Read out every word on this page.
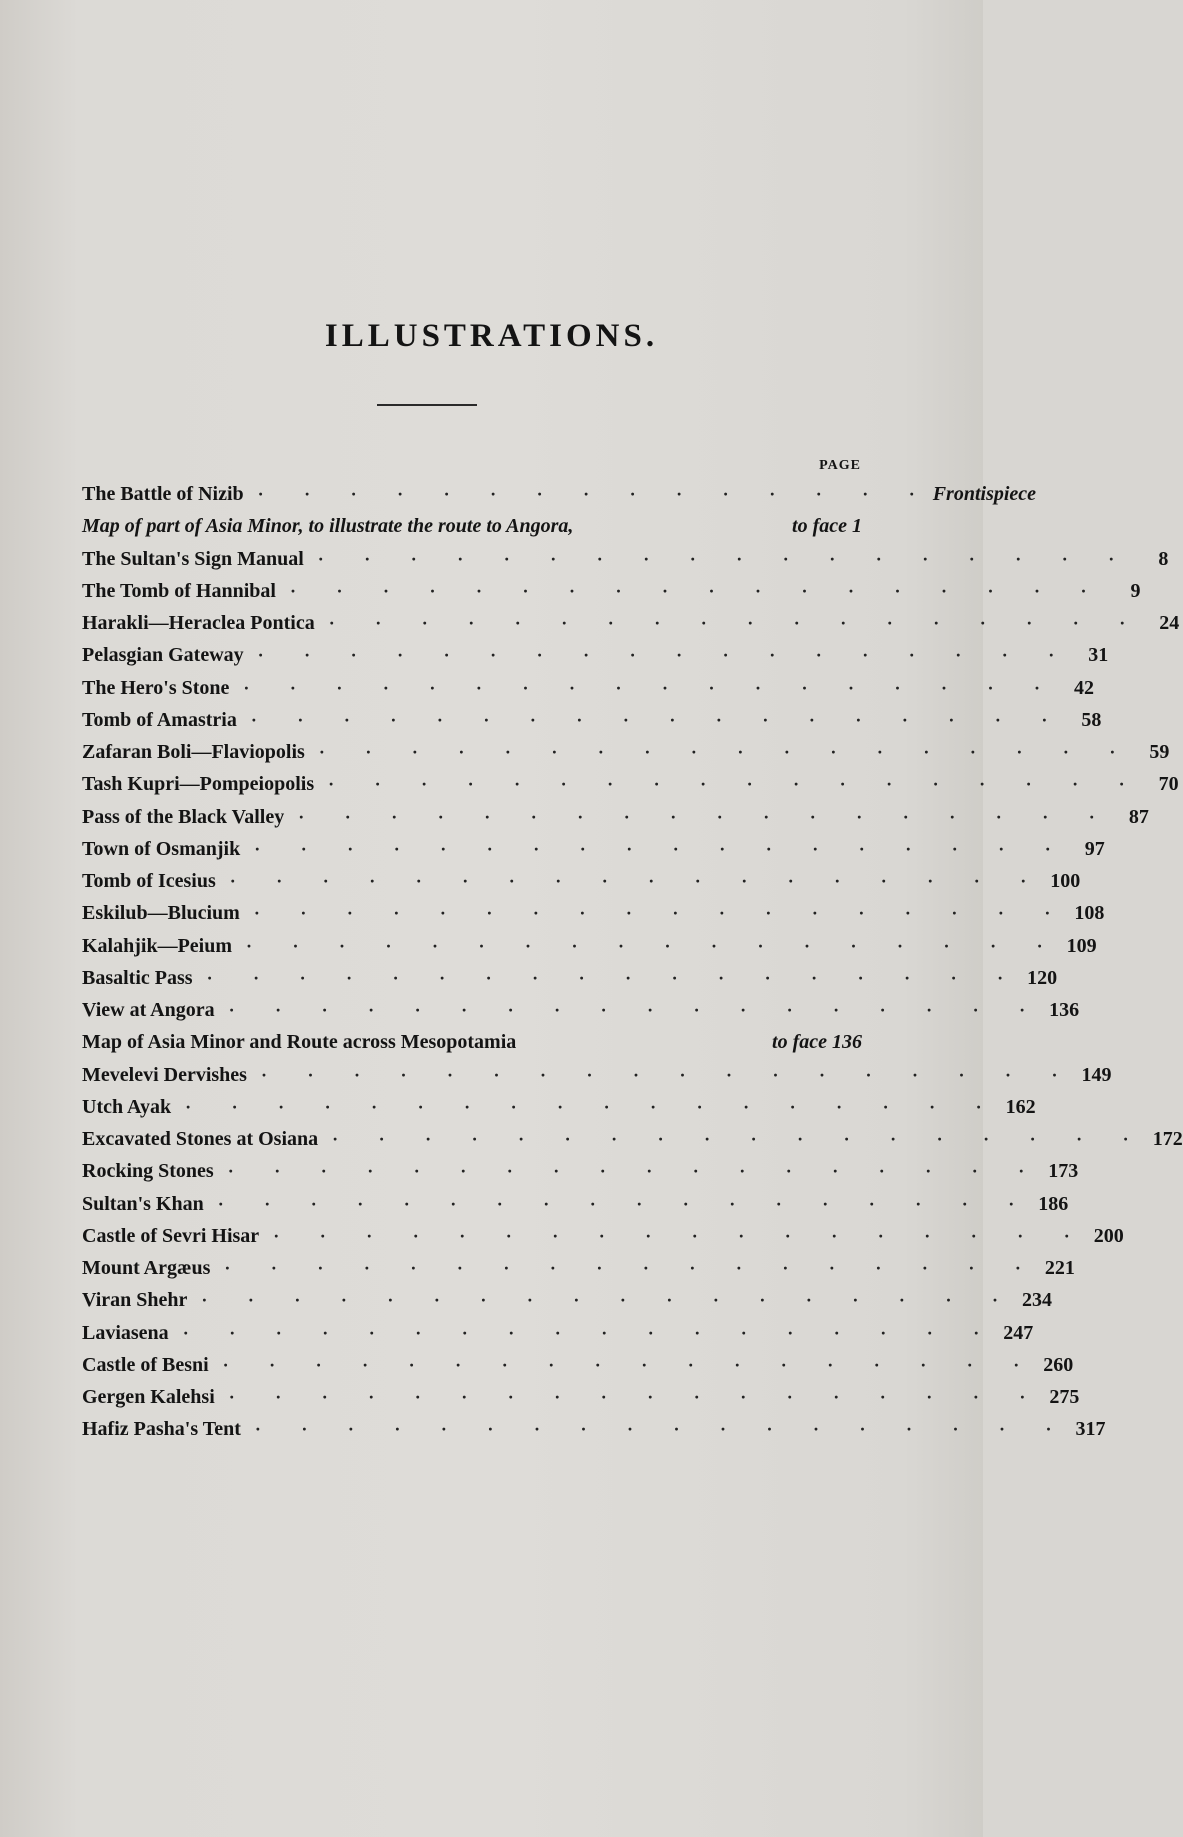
ILLUSTRATIONS.
PAGE
The Battle of Nizib · · · · · · · · · · · · · · · Frontispiece
Map of part of Asia Minor, to illustrate the route to Angora,	to face 1
The Sultan's Sign Manual · · · · · · · · · · · · · · · · · ·	8
The Tomb of Hannibal · · · · · · · · · · · · · · · · · ·	9
Harakli—Heraclea Pontica · · · · · · · · · · · · · · · · · · 24
Pelasgian Gateway · · · · · · · · · · · · · · · · · · 31
The Hero's Stone · · · · · · · · · · · · · · · · · · 42
Tomb of Amastria · · · · · · · · · · · · · · · · · · 58
Zafaran Boli—Flaviopolis · · · · · · · · · · · · · · · · · · 59
Tash Kupri—Pompeiopolis · · · · · · · · · · · · · · · · · · 70
Pass of the Black Valley · · · · · · · · · · · · · · · · · · 87
Town of Osmanjik · · · · · · · · · · · · · · · · · · 97
Tomb of Icesius · · · · · · · · · · · · · · · · · · 100
Eskilub—Blucium · · · · · · · · · · · · · · · · · · 108
Kalahjik—Peium · · · · · · · · · · · · · · · · · · 109
Basaltic Pass · · · · · · · · · · · · · · · · · · 120
View at Angora · · · · · · · · · · · · · · · · · · 136
Map of Asia Minor and Route across Mesopotamia	to face 136
Mevelevi Dervishes · · · · · · · · · · · · · · · · · · 149
Utch Ayak · · · · · · · · · · · · · · · · · · 162
Excavated Stones at Osiana · · · · · · · · · · · · · · · · · · 172
Rocking Stones · · · · · · · · · · · · · · · · · · 173
Sultan's Khan · · · · · · · · · · · · · · · · · · 186
Castle of Sevri Hisar · · · · · · · · · · · · · · · · · · 200
Mount Argæus · · · · · · · · · · · · · · · · · · 221
Viran Shehr · · · · · · · · · · · · · · · · · · 234
Laviasena · · · · · · · · · · · · · · · · · · 247
Castle of Besni · · · · · · · · · · · · · · · · · · 260
Gergen Kalehsi · · · · · · · · · · · · · · · · · · 275
Hafiz Pasha's Tent · · · · · · · · · · · · · · · · · · 317
